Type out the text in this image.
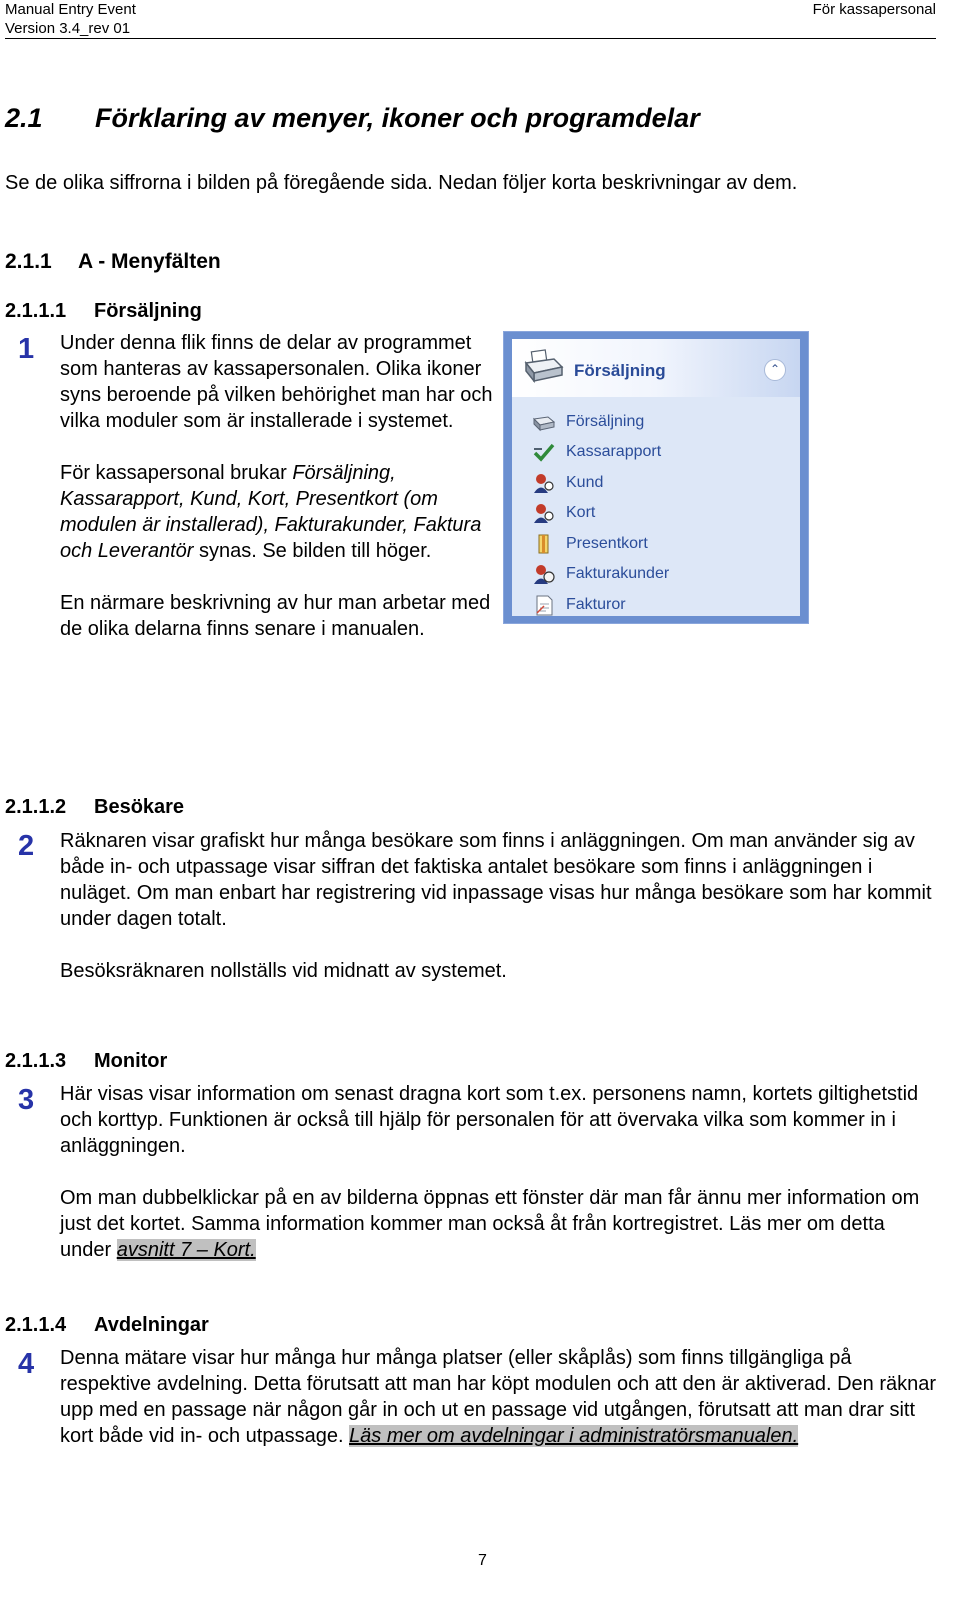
Manual Entry Event
Version 3.4_rev 01
För kassapersonal
2.1 Förklaring av menyer, ikoner och programdelar
Se de olika siffrorna i bilden på föregående sida. Nedan följer korta beskrivningar av dem.
2.1.1 A - Menyfälten
2.1.1.1 Försäljning
1 Under denna flik finns de delar av programmet som hanteras av kassapersonalen. Olika ikoner syns beroende på vilken behörighet man har och vilka moduler som är installerade i systemet.

För kassapersonal brukar Försäljning, Kassarapport, Kund, Kort, Presentkort (om modulen är installerad), Fakturakunder, Faktura och Leverantör synas. Se bilden till höger.

En närmare beskrivning av hur man arbetar med de olika delarna finns senare i manualen.

Försäljning	⌃
Försäljning
Kassarapport
Kund
Kort
Presentkort
Fakturakunder
Fakturor
2.1.1.2 Besökare
2 Räknaren visar grafiskt hur många besökare som finns i anläggningen. Om man använder sig av både in- och utpassage visar siffran det faktiska antalet besökare som finns i anläggningen i nuläget. Om man enbart har registrering vid inpassage visas hur många besökare som har kommit under dagen totalt.

Besöksräknaren nollställs vid midnatt av systemet.

2.1.1.3 Monitor
3 Här visas visar information om senast dragna kort som t.ex. personens namn, kortets giltighetstid och korttyp. Funktionen är också till hjälp för personalen för att övervaka vilka som kommer in i anläggningen.

Om man dubbelklickar på en av bilderna öppnas ett fönster där man får ännu mer information om just det kortet. Samma information kommer man också åt från kortregistret. Läs mer om detta under avsnitt 7 – Kort.

2.1.1.4 Avdelningar
4 Denna mätare visar hur många hur många platser (eller skåplås) som finns tillgängliga på respektive avdelning. Detta förutsatt att man har köpt modulen och att den är aktiverad. Den räknar upp med en passage när någon går in och ut en passage vid utgången, förutsatt att man drar sitt kort både vid in- och utpassage. Läs mer om avdelningar i administratörsmanualen.

7
